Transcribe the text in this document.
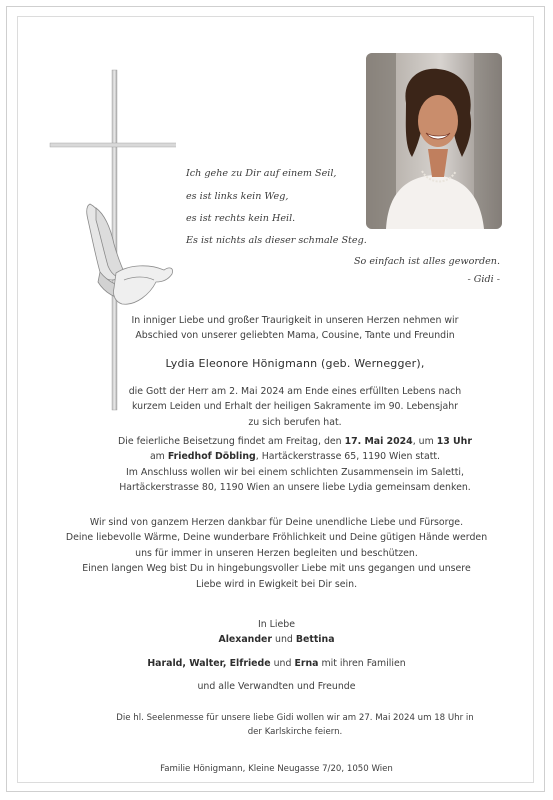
Ich gehe zu Dir auf einem Seil,
es ist links kein Weg,
es ist rechts kein Heil.
Es ist nichts als dieser schmale Steg.
So einfach ist alles geworden.
- Gidi -

In inniger Liebe und großer Traurigkeit in unseren Herzen nehmen wir

Abschied von unserer geliebten Mama, Cousine, Tante und Freundin

Lydia Eleonore Hönigmann (geb. Wernegger),

die Gott der Herr am 2. Mai 2024 am Ende eines erfüllten Lebens nach

kurzem Leiden und Erhalt der heiligen Sakramente im 90. Lebensjahr

zu sich berufen hat.

Die feierliche Beisetzung findet am Freitag, den 17. Mai 2024, um 13 Uhr

am Friedhof Döbling, Hartäckerstrasse 65, 1190 Wien statt.

Im Anschluss wollen wir bei einem schlichten Zusammensein im Saletti,

Hartäckerstrasse 80, 1190 Wien an unsere liebe Lydia gemeinsam denken.

Wir sind von ganzem Herzen dankbar für Deine unendliche Liebe und Fürsorge.

Deine liebevolle Wärme, Deine wunderbare Fröhlichkeit und Deine gütigen Hände werden

uns für immer in unseren Herzen begleiten und beschützen.

Einen langen Weg bist Du in hingebungsvoller Liebe mit uns gegangen und unsere

Liebe wird in Ewigkeit bei Dir sein.

In Liebe

Alexander und Bettina

Harald, Walter, Elfriede und Erna mit ihren Familien

und alle Verwandten und Freunde

Die hl. Seelenmesse für unsere liebe Gidi wollen wir am 27. Mai 2024 um 18 Uhr in

der Karlskirche feiern.

Familie Hönigmann, Kleine Neugasse 7/20, 1050 Wien
